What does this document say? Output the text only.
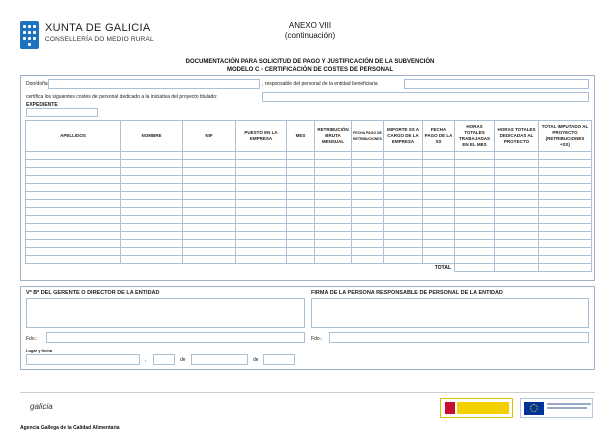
XUNTA DE GALICIA
CONSELLERÍA DO MEDIO RURAL
ANEXO VIII
(continuación)
DOCUMENTACIÓN PARA SOLICITUD DE PAGO Y JUSTIFICACIÓN DE LA SUBVENCIÓN
MODELO C - CERTIFICACIÓN DE COSTES DE PERSONAL
Don/doña	, responsable del personal de la entidad beneficiaria
certifica los siguientes costes de personal dedicado a la iniciativa del proyecto titulado:
EXPEDIENTE
APELLIDOS	NOMBRE	NIF	PUESTO EN LA EMPRESA	MES	RETRIBUCIÓN BRUTA MENSUAL	FECHA PAGO DE RETRIBUCIONES	IMPORTE SS A CARGO DE LA EMPRESA	FECHA PAGO DE LA SS	HORAS TOTALES TRABAJADAS EN EL MES	HORAS TOTALES DEDICADAS AL PROYECTO	TOTAL IMPUTADO AL PROYECTO (RETRIBUCIONES +SS)

								TOTAL			
Vº Bº DEL GERENTE O DIRECTOR DE LA ENTIDAD	FIRMA DE LA PERSONA RESPONSABLE DE PERSONAL DE LA ENTIDAD
Fdo.:	Fdo.:
Lugar y fecha
,	de	de
galicia
Agencia Gallega de la Calidad Alimentaria
